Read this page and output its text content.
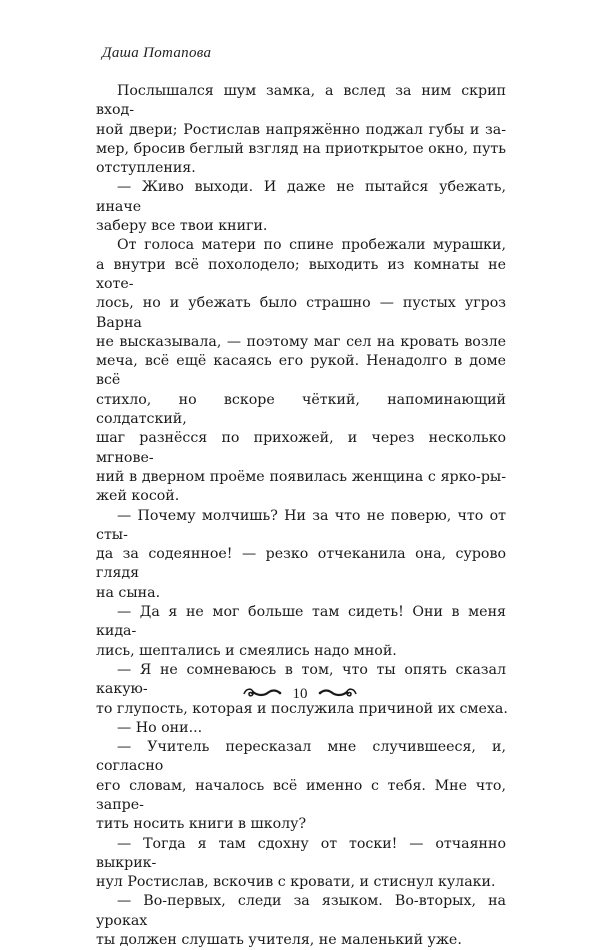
Даша Потапова

Послышался шум замка, а вслед за ним скрип вход-
ной двери; Ростислав напряжённо поджал губы и за-
мер, бросив беглый взгляд на приоткрытое окно, путь
отступления.

— Живо выходи. И даже не пытайся убежать, иначе
заберу все твои книги.

От голоса матери по спине пробежали мурашки,
а внутри всё похолодело; выходить из комнаты не хоте-
лось, но и убежать было страшно — пустых угроз Варна
не высказывала, — поэтому маг сел на кровать возле
меча, всё ещё касаясь его рукой. Ненадолго в доме всё
стихло, но вскоре чёткий, напоминающий солдатский,
шаг разнёсся по прихожей, и через несколько мгнове-
ний в дверном проёме появилась женщина с ярко-ры-
жей косой.

— Почему молчишь? Ни за что не поверю, что от сты-
да за содеянное! — резко отчеканила она, сурово глядя
на сына.

— Да я не мог больше там сидеть! Они в меня кида-
лись, шептались и смеялись надо мной.

— Я не сомневаюсь в том, что ты опять сказал какую-
то глупость, которая и послужила причиной их смеха.

— Но они...

— Учитель пересказал мне случившееся, и, согласно
его словам, началось всё именно с тебя. Мне что, запре-
тить носить книги в школу?

— Тогда я там сдохну от тоски! — отчаянно выкрик-
нул Ростислав, вскочив с кровати, и стиснул кулаки.

— Во-первых, следи за языком. Во-вторых, на уроках
ты должен слушать учителя, не маленький уже.

10
